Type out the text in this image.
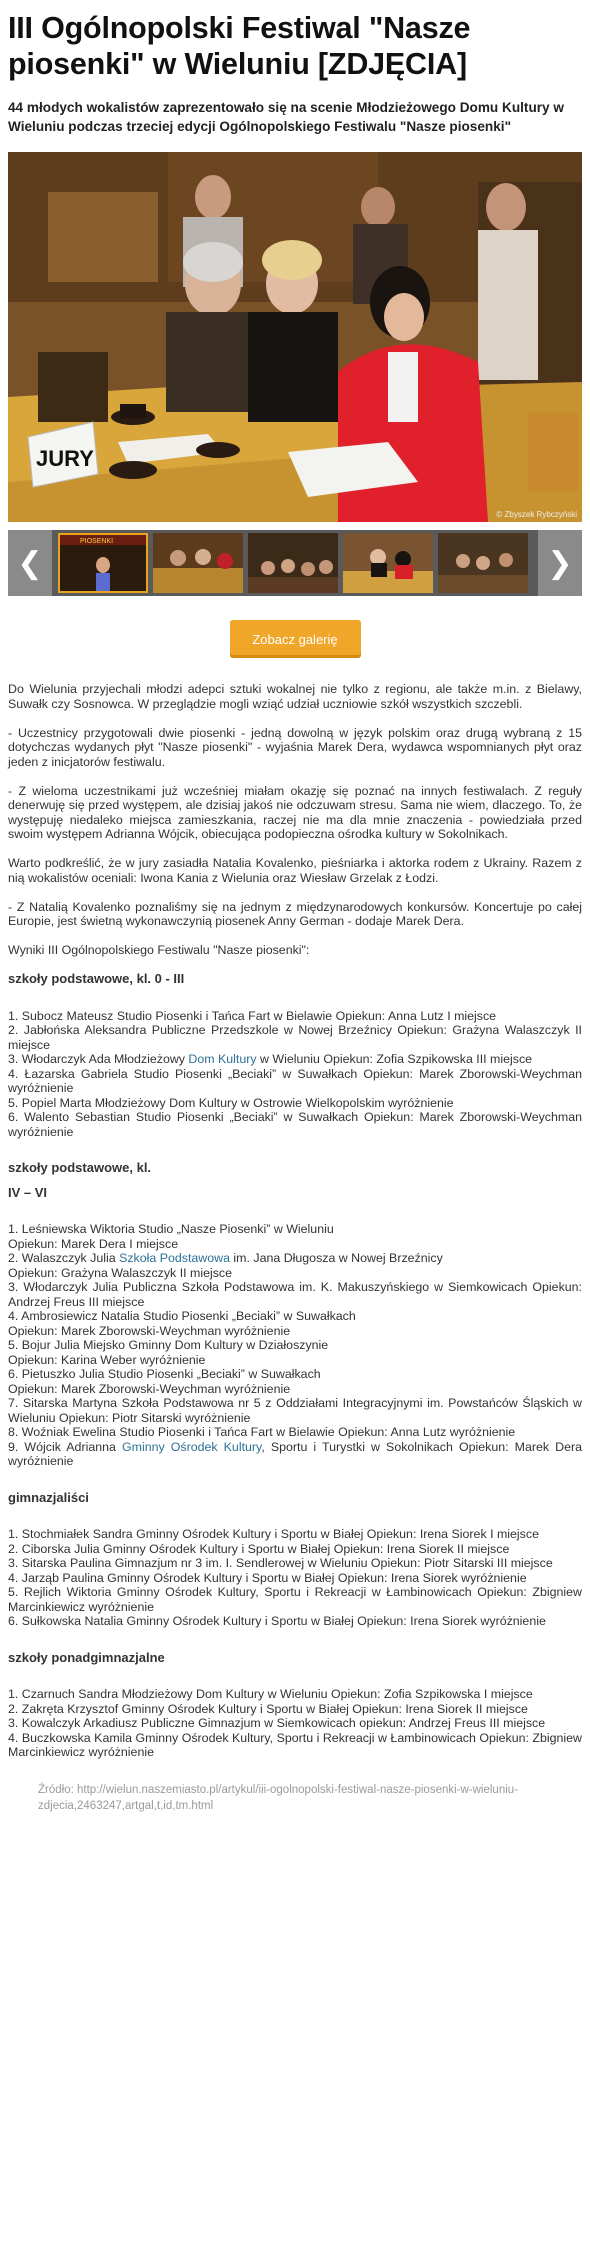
III Ogólnopolski Festiwal "Nasze piosenki" w Wieluniu [ZDJĘCIA]

44 młodych wokalistów zaprezentowało się na scenie Młodzieżowego Domu Kultury w Wieluniu podczas trzeciej edycji Ogólnopolskiego Festiwalu "Nasze piosenki"

JURY
© Zbyszek Rybczyński
❮
PIOSENKI
❯
Zobacz galerię

Do Wielunia przyjechali młodzi adepci sztuki wokalnej nie tylko z regionu, ale także m.in. z Bielawy, Suwałk czy Sosnowca. W przeglądzie mogli wziąć udział uczniowie szkół wszystkich szczebli.

- Uczestnicy przygotowali dwie piosenki - jedną dowolną w język polskim oraz drugą wybraną z 15 dotychczas wydanych płyt "Nasze piosenki" - wyjaśnia Marek Dera, wydawca wspomnianych płyt oraz jeden z inicjatorów festiwalu.

- Z wieloma uczestnikami już wcześniej miałam okazję się poznać na innych festiwalach. Z reguły denerwuję się przed występem, ale dzisiaj jakoś nie odczuwam stresu. Sama nie wiem, dlaczego. To, że występuję niedaleko miejsca zamieszkania, raczej nie ma dla mnie znaczenia - powiedziała przed swoim występem Adrianna Wójcik, obiecująca podopieczna ośrodka kultury w Sokolnikach.

Warto podkreślić, że w jury zasiadła Natalia Kovalenko, pieśniarka i aktorka rodem z Ukrainy. Razem z nią wokalistów oceniali: Iwona Kania z Wielunia oraz Wiesław Grzelak z Łodzi.

- Z Natalią Kovalenko poznaliśmy się na jednym z międzynarodowych konkursów. Koncertuje po całej Europie, jest świetną wykonawczynią piosenek Anny German - dodaje Marek Dera.

Wyniki III Ogólnopolskiego Festiwalu "Nasze piosenki":

szkoły podstawowe, kl. 0 - III

1. Subocz Mateusz Studio Piosenki i Tańca Fart w Bielawie Opiekun: Anna Lutz I miejsce
2. Jabłońska Aleksandra Publiczne Przedszkole w Nowej Brzeźnicy Opiekun: Grażyna Walaszczyk II miejsce
3. Włodarczyk Ada Młodzieżowy Dom Kultury w Wieluniu Opiekun: Zofia Szpikowska III miejsce
4. Łazarska Gabriela Studio Piosenki „Beciaki” w Suwałkach Opiekun: Marek Zborowski-Weychman wyróżnienie
5. Popiel Marta Młodzieżowy Dom Kultury w Ostrowie Wielkopolskim wyróżnienie
6. Walento Sebastian Studio Piosenki „Beciaki” w Suwałkach Opiekun: Marek Zborowski-Weychman wyróżnienie

szkoły podstawowe, kl.

IV – VI

1. Leśniewska Wiktoria Studio „Nasze Piosenki” w Wieluniu
Opiekun: Marek Dera I miejsce
2. Walaszczyk Julia Szkoła Podstawowa im. Jana Długosza w Nowej Brzeźnicy
Opiekun: Grażyna Walaszczyk II miejsce
3. Włodarczyk Julia Publiczna Szkoła Podstawowa im. K. Makuszyńskiego w Siemkowicach Opiekun: Andrzej Freus III miejsce
4. Ambrosiewicz Natalia Studio Piosenki „Beciaki” w Suwałkach
Opiekun: Marek Zborowski-Weychman wyróżnienie
5. Bojur Julia Miejsko Gminny Dom Kultury w Działoszynie
Opiekun: Karina Weber wyróżnienie
6. Pietuszko Julia Studio Piosenki „Beciaki” w Suwałkach
Opiekun: Marek Zborowski-Weychman wyróżnienie
7. Sitarska Martyna Szkoła Podstawowa nr 5 z Oddziałami Integracyjnymi im. Powstańców Śląskich w Wieluniu Opiekun: Piotr Sitarski wyróżnienie
8. Woźniak Ewelina Studio Piosenki i Tańca Fart w Bielawie Opiekun: Anna Lutz wyróżnienie
9. Wójcik Adrianna Gminny Ośrodek Kultury, Sportu i Turystki w Sokolnikach Opiekun: Marek Dera wyróżnienie

gimnazjaliści

1. Stochmiałek Sandra Gminny Ośrodek Kultury i Sportu w Białej Opiekun: Irena Siorek I miejsce
2. Ciborska Julia Gminny Ośrodek Kultury i Sportu w Białej Opiekun: Irena Siorek II miejsce
3. Sitarska Paulina Gimnazjum nr 3 im. I. Sendlerowej w Wieluniu Opiekun: Piotr Sitarski III miejsce
4. Jarząb Paulina Gminny Ośrodek Kultury i Sportu w Białej Opiekun: Irena Siorek wyróżnienie
5. Rejlich Wiktoria Gminny Ośrodek Kultury, Sportu i Rekreacji w Łambinowicach Opiekun: Zbigniew Marcinkiewicz wyróżnienie
6. Sułkowska Natalia Gminny Ośrodek Kultury i Sportu w Białej Opiekun: Irena Siorek wyróżnienie

szkoły ponadgimnazjalne

1. Czarnuch Sandra Młodzieżowy Dom Kultury w Wieluniu Opiekun: Zofia Szpikowska I miejsce
2. Zakręta Krzysztof Gminny Ośrodek Kultury i Sportu w Białej Opiekun: Irena Siorek II miejsce
3. Kowalczyk Arkadiusz Publiczne Gimnazjum w Siemkowicach opiekun: Andrzej Freus III miejsce
4. Buczkowska Kamila Gminny Ośrodek Kultury, Sportu i Rekreacji w Łambinowicach Opiekun: Zbigniew Marcinkiewicz wyróżnienie

Źródło: http://wielun.naszemiasto.pl/artykul/iii-ogolnopolski-festiwal-nasze-piosenki-w-wieluniu-zdjecia,2463247,artgal,t,id,tm.html
